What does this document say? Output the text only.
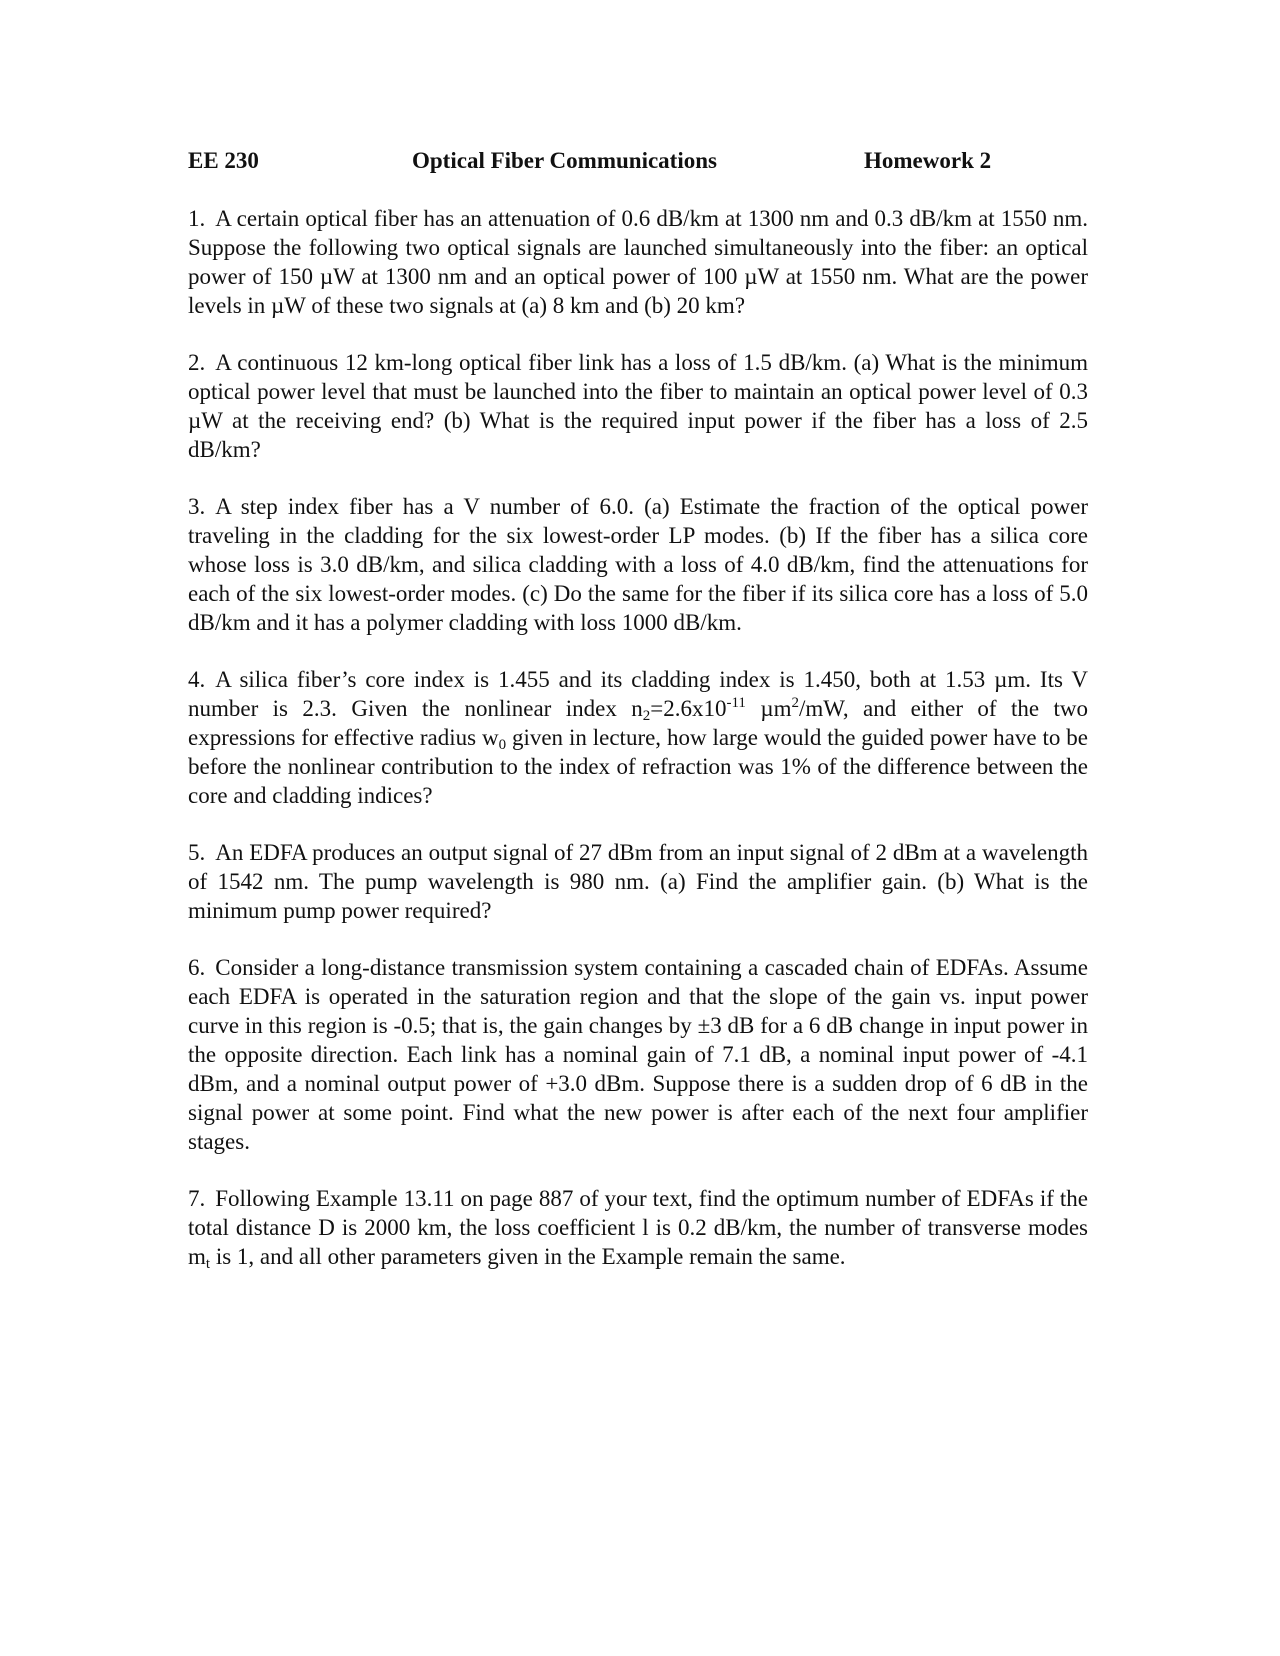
EE 230	Optical Fiber Communications	Homework 2

1. A certain optical fiber has an attenuation of 0.6 dB/km at 1300 nm and 0.3 dB/km at 1550 nm. Suppose the following two optical signals are launched simultaneously into the fiber: an optical power of 150 µW at 1300 nm and an optical power of 100 µW at 1550 nm. What are the power levels in µW of these two signals at (a) 8 km and (b) 20 km?

2. A continuous 12 km-long optical fiber link has a loss of 1.5 dB/km. (a) What is the minimum optical power level that must be launched into the fiber to maintain an optical power level of 0.3 µW at the receiving end? (b) What is the required input power if the fiber has a loss of 2.5 dB/km?

3. A step index fiber has a V number of 6.0. (a) Estimate the fraction of the optical power traveling in the cladding for the six lowest-order LP modes. (b) If the fiber has a silica core whose loss is 3.0 dB/km, and silica cladding with a loss of 4.0 dB/km, find the attenuations for each of the six lowest-order modes. (c) Do the same for the fiber if its silica core has a loss of 5.0 dB/km and it has a polymer cladding with loss 1000 dB/km.

4. A silica fiber’s core index is 1.455 and its cladding index is 1.450, both at 1.53 µm. Its V number is 2.3. Given the nonlinear index $n_2=2.6x10^{-11}$ µm$^2$/mW, and either of the two expressions for effective radius $w_0$ given in lecture, how large would the guided power have to be before the nonlinear contribution to the index of refraction was 1% of the difference between the core and cladding indices?

5. An EDFA produces an output signal of 27 dBm from an input signal of 2 dBm at a wavelength of 1542 nm. The pump wavelength is 980 nm. (a) Find the amplifier gain. (b) What is the minimum pump power required?

6. Consider a long-distance transmission system containing a cascaded chain of EDFAs. Assume each EDFA is operated in the saturation region and that the slope of the gain vs. input power curve in this region is -0.5; that is, the gain changes by ±3 dB for a 6 dB change in input power in the opposite direction. Each link has a nominal gain of 7.1 dB, a nominal input power of -4.1 dBm, and a nominal output power of +3.0 dBm. Suppose there is a sudden drop of 6 dB in the signal power at some point. Find what the new power is after each of the next four amplifier stages.

7. Following Example 13.11 on page 887 of your text, find the optimum number of EDFAs if the total distance D is 2000 km, the loss coefficient l is 0.2 dB/km, the number of transverse modes $m_t$ is 1, and all other parameters given in the Example remain the same.
